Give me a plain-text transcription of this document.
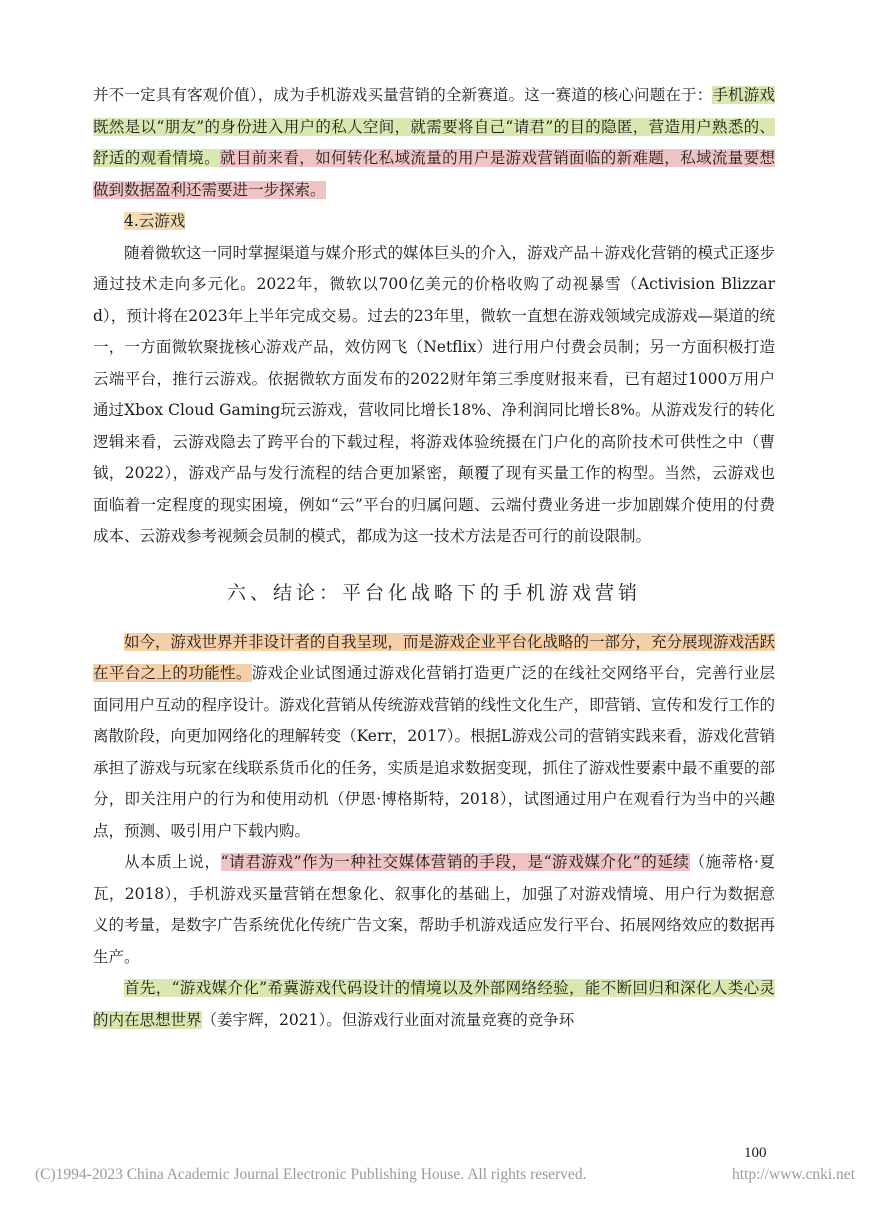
并不一定具有客观价值），成为手机游戏买量营销的全新赛道。这一赛道的核心问题在于：手机游戏既然是以“朋友”的身份进入用户的私人空间，就需要将自己“请君”的目的隐匿，营造用户熟悉的、舒适的观看情境。就目前来看，如何转化私域流量的用户是游戏营销面临的新难题，私域流量要想做到数据盈利还需要进一步探索。

4.云游戏

随着微软这一同时掌握渠道与媒介形式的媒体巨头的介入，游戏产品＋游戏化营销的模式正逐步通过技术走向多元化。2022年，微软以700亿美元的价格收购了动视暴雪（Activision Blizzard），预计将在2023年上半年完成交易。过去的23年里，微软一直想在游戏领域完成游戏—渠道的统一，一方面微软聚拢核心游戏产品，效仿网飞（Netflix）进行用户付费会员制；另一方面积极打造云端平台，推行云游戏。依据微软方面发布的2022财年第三季度财报来看，已有超过1000万用户通过Xbox Cloud Gaming玩云游戏，营收同比增长18%、净利润同比增长8%。从游戏发行的转化逻辑来看，云游戏隐去了跨平台的下载过程，将游戏体验统摄在门户化的高阶技术可供性之中（曹钺，2022），游戏产品与发行流程的结合更加紧密，颠覆了现有买量工作的构型。当然，云游戏也面临着一定程度的现实困境，例如“云”平台的归属问题、云端付费业务进一步加剧媒介使用的付费成本、云游戏参考视频会员制的模式，都成为这一技术方法是否可行的前设限制。

六、结论：平台化战略下的手机游戏营销

如今，游戏世界并非设计者的自我呈现，而是游戏企业平台化战略的一部分，充分展现游戏活跃在平台之上的功能性。游戏企业试图通过游戏化营销打造更广泛的在线社交网络平台，完善行业层面同用户互动的程序设计。游戏化营销从传统游戏营销的线性文化生产，即营销、宣传和发行工作的离散阶段，向更加网络化的理解转变（Kerr，2017）。根据L游戏公司的营销实践来看，游戏化营销承担了游戏与玩家在线联系货币化的任务，实质是追求数据变现，抓住了游戏性要素中最不重要的部分，即关注用户的行为和使用动机（伊恩·博格斯特，2018），试图通过用户在观看行为当中的兴趣点，预测、吸引用户下载内购。

从本质上说，“请君游戏”作为一种社交媒体营销的手段，是“游戏媒介化”的延续（施蒂格·夏瓦，2018），手机游戏买量营销在想象化、叙事化的基础上，加强了对游戏情境、用户行为数据意义的考量，是数字广告系统优化传统广告文案，帮助手机游戏适应发行平台、拓展网络效应的数据再生产。

首先，“游戏媒介化”希冀游戏代码设计的情境以及外部网络经验，能不断回归和深化人类心灵的内在思想世界（姜宇辉，2021）。但游戏行业面对流量竞赛的竞争环

100
(C)1994-2023 China Academic Journal Electronic Publishing House. All rights reserved.	http://www.cnki.net
